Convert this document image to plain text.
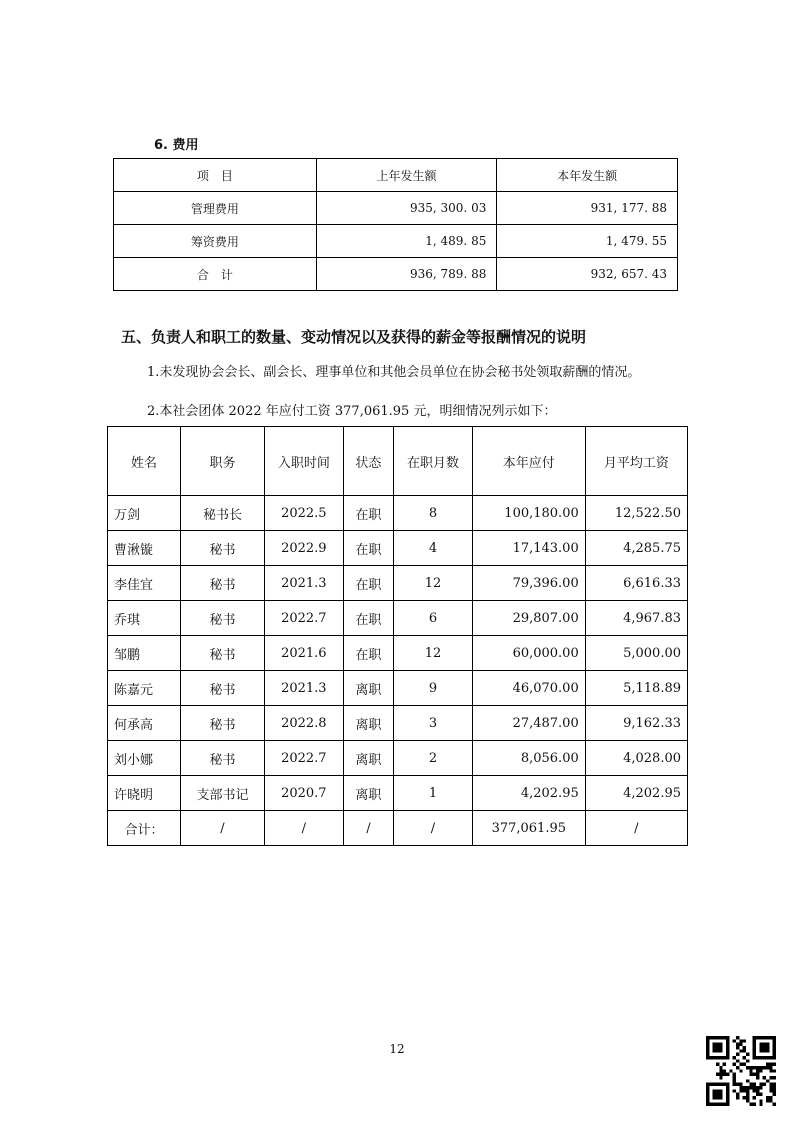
6. 费用
项　目	上年发生额	本年发生额
管理费用	935, 300. 03	931, 177. 88
筹资费用	1, 489. 85	1, 479. 55
合　计	936, 789. 88	932, 657. 43
五、负责人和职工的数量、变动情况以及获得的薪金等报酬情况的说明
1.未发现协会会长、副会长、理事单位和其他会员单位在协会秘书处领取薪酬的情况。
2.本社会团体 2022 年应付工资 377,061.95 元，明细情况列示如下：
姓名	职务	入职时间	状态	在职月数	本年应付	月平均工资
万剑	秘书长	2022.5	在职	8	100,180.00	12,522.50
曹湫镟	秘书	2022.9	在职	4	17,143.00	4,285.75
李佳宜	秘书	2021.3	在职	12	79,396.00	6,616.33
乔琪	秘书	2022.7	在职	6	29,807.00	4,967.83
邹鹏	秘书	2021.6	在职	12	60,000.00	5,000.00
陈嘉元	秘书	2021.3	离职	9	46,070.00	5,118.89
何承高	秘书	2022.8	离职	3	27,487.00	9,162.33
刘小娜	秘书	2022.7	离职	2	8,056.00	4,028.00
许晓明	支部书记	2020.7	离职	1	4,202.95	4,202.95
合计：	/	/	/	/	377,061.95	/
12
